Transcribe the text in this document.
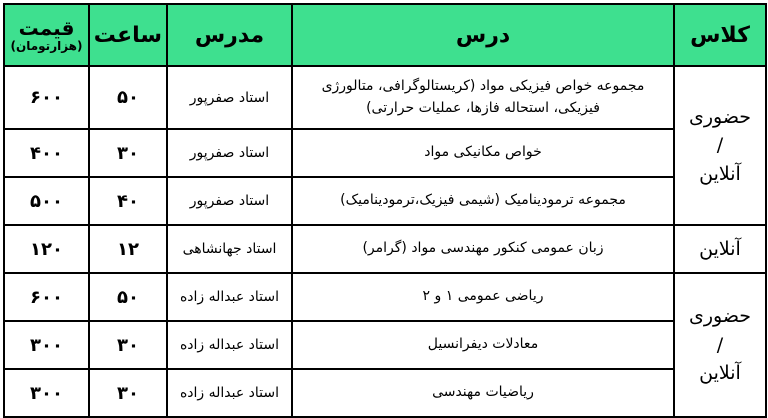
کلاس	درس	مدرس	ساعت	قیمت
(هزارتومان)

حضوری
/
آنلاین	مجموعه خواص فیزیکی مواد (کریستالوگرافی، متالورژی فیزیکی، استحاله فازها، عملیات حرارتی)	استاد صفرپور	۵۰	۶۰۰
	خواص مکانیکی مواد	استاد صفرپور	۳۰	۴۰۰
	مجموعه ترمودینامیک (شیمی فیزیک،ترمودینامیک)	استاد صفرپور	۴۰	۵۰۰

آنلاین	زبان عمومی کنکور مهندسی مواد (گرامر)	استاد جهانشاهی	۱۲	۱۲۰

حضوری
/
آنلاین	ریاضی عمومی ۱ و ۲	استاد عبداله زاده	۵۰	۶۰۰
	معادلات دیفرانسیل	استاد عبداله زاده	۳۰	۳۰۰
	ریاضیات مهندسی	استاد عبداله زاده	۳۰	۳۰۰
